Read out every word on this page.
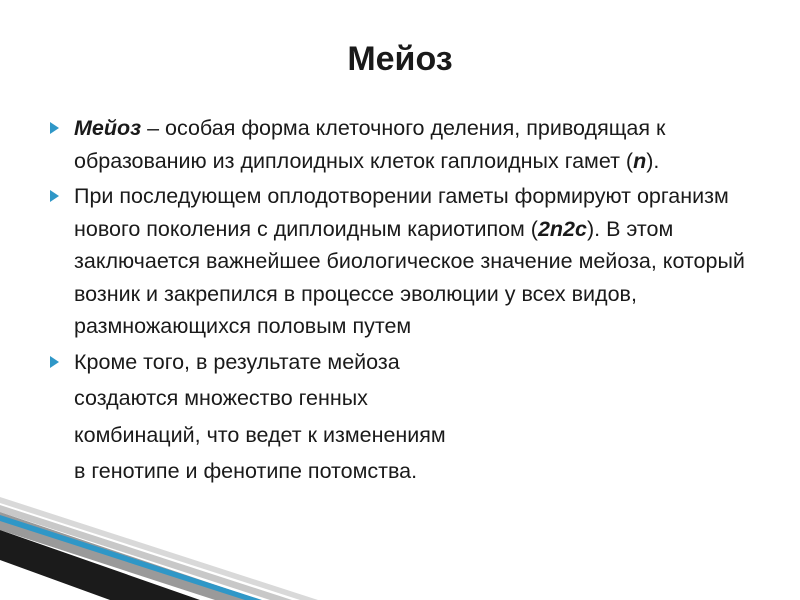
Мейоз

Мейоз – особая форма клеточного деления, приводящая к образованию из диплоидных клеток гаплоидных гамет (n).

При последующем оплодотворении гаметы формируют организм нового поколения с диплоидным кариотипом (2n2c). В этом заключается важнейшее биологическое значение мейоза, который возник и закрепился в процессе эволюции у всех видов, размножающихся половым путем

Кроме того, в результате мейоза
создаются множество генных
комбинаций, что ведет к изменениям
в генотипе и фенотипе потомства.
